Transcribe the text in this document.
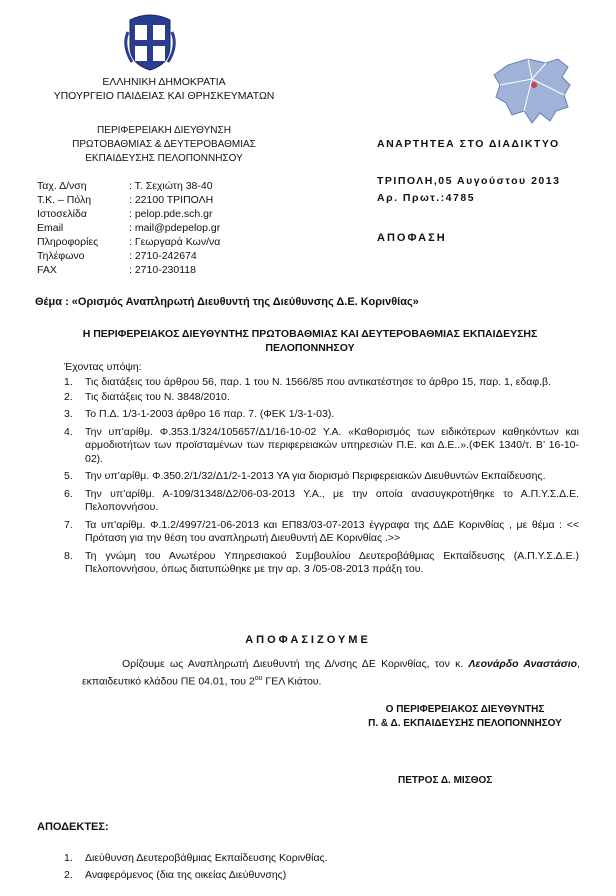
ΕΛΛΗΝΙΚΗ ΔΗΜΟΚΡΑΤΙΑ
ΥΠΟΥΡΓΕΙΟ ΠΑΙΔΕΙΑΣ ΚΑΙ ΘΡΗΣΚΕΥΜΑΤΩΝ
ΠΕΡΙΦΕΡΕΙΑΚΗ ΔΙΕΥΘΥΝΣΗ
ΠΡΩΤΟΒΑΘΜΙΑΣ & ΔΕΥΤΕΡΟΒΑΘΜΙΑΣ
ΕΚΠΑΙΔΕΥΣΗΣ ΠΕΛΟΠΟΝΝΗΣΟΥ
Ταχ. Δ/νση	: Τ. Σεχιώτη 38-40
Τ.Κ. – Πόλη	: 22100 ΤΡΙΠΟΛΗ
Ιστοσελίδα	: pelop.pde.sch.gr
Email	: mail@pdepelop.gr
Πληροφορίες	: Γεωργαρά Κων/να
Τηλέφωνο	: 2710-242674
FAX	: 2710-230118
ΑΝΑΡΤΗΤΕΑ ΣΤΟ ΔΙΑΔΙΚΤΥΟ
ΤΡΙΠΟΛΗ,05 Αυγούστου 2013
Αρ. Πρωτ.:4785
ΑΠΟΦΑΣΗ
Θέμα : «Ορισμός Αναπληρωτή Διευθυντή της Διεύθυνσης Δ.Ε. Κορινθίας»
Η ΠΕΡΙΦΕΡΕΙΑΚΟΣ ΔΙΕΥΘΥΝΤΗΣ ΠΡΩΤΟΒΑΘΜΙΑΣ ΚΑΙ ΔΕΥΤΕΡΟΒΑΘΜΙΑΣ ΕΚΠΑΙΔΕΥΣΗΣ ΠΕΛΟΠΟΝΝΗΣΟΥ
Έχοντας υπόψη:
1. Τις διατάξεις του άρθρου 56, παρ. 1 του Ν. 1566/85 που αντικατέστησε το άρθρο 15, παρ. 1, εδαφ.β.
2. Τις διατάξεις του Ν. 3848/2010.
3. Το Π.Δ. 1/3-1-2003 άρθρο 16 παρ. 7. (ΦΕΚ 1/3-1-03).
4. Την υπ’αρίθμ. Φ.353.1/324/105657/Δ1/16-10-02 Υ.Α. «Καθορισμός των ειδικότερων καθηκόντων και αρμοδιοτήτων των προϊσταμένων των περιφερειακών υπηρεσιών Π.Ε. και Δ.Ε..».(ΦΕΚ 1340/τ. Β’ 16-10-02).
5. Την υπ’αρίθμ. Φ.350.2/1/32/Δ1/2-1-2013 ΥΑ για διορισμό Περιφερειακών Διευθυντών Εκπαίδευσης.
6. Την υπ’αρίθμ. Α-109/31348/Δ2/06-03-2013 Υ.Α., με την οποία ανασυγκροτήθηκε το Α.Π.Υ.Σ.Δ.Ε. Πελοποννήσου.
7. Τα υπ’αρίθμ. Φ.1.2/4997/21-06-2013 και ΕΠ83/03-07-2013 έγγραφα της ΔΔΕ Κορινθίας , με θέμα : << Πρόταση για την θέση του αναπληρωτή Διευθυντή ΔΕ Κορινθίας .>>
8. Τη γνώμη του Ανωτέρου Υπηρεσιακού Συμβουλίου Δευτεροβάθμιας Εκπαίδευσης (Α.Π.Υ.Σ.Δ.Ε.) Πελοποννήσου, όπως διατυπώθηκε με την αρ. 3 /05-08-2013 πράξη του.
ΑΠΟΦΑΣΙΖΟΥΜΕ
Ορίζουμε ως Αναπληρωτή Διευθυντή της Δ/νσης ΔΕ Κορινθίας, τον κ. Λεονάρδο Αναστάσιο, εκπαιδευτικό κλάδου ΠΕ 04.01, του $2^{o\upsilon}$ ΓΕΛ Κιάτου.
Ο ΠΕΡΙΦΕΡΕΙΑΚΟΣ ΔΙΕΥΘΥΝΤΗΣ
Π. & Δ. ΕΚΠΑΙΔΕΥΣΗΣ ΠΕΛΟΠΟΝΝΗΣΟΥ
ΠΕΤΡΟΣ Δ. ΜΙΣΘΟΣ
ΑΠΟΔΕΚΤΕΣ:
1. Διεύθυνση Δευτεροβάθμιας Εκπαίδευσης Κορινθίας.
2. Αναφερόμενος (δια της οικείας Διεύθυνσης)
